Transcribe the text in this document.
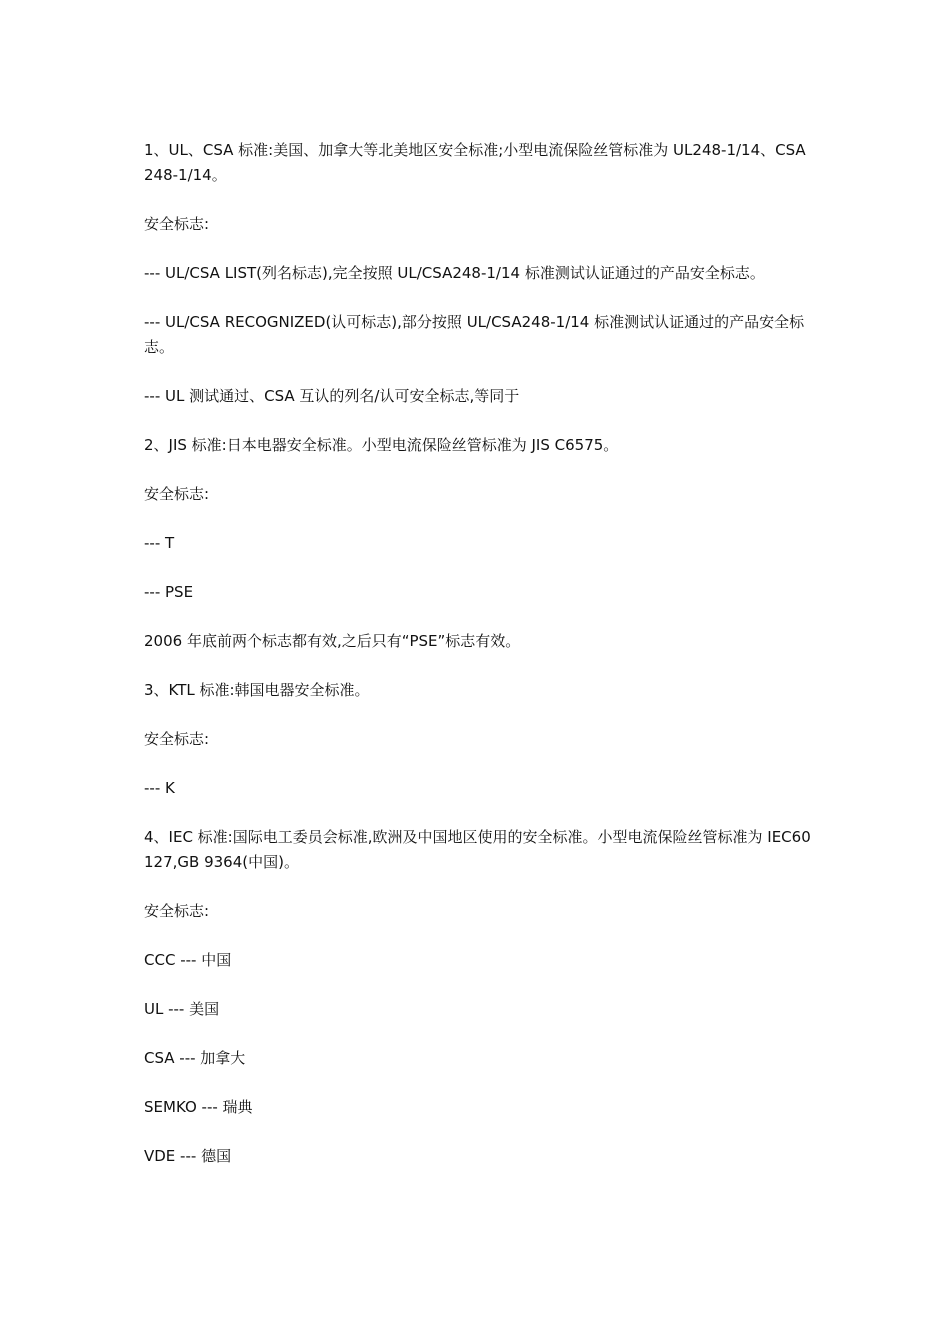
1、UL、CSA 标准:美国、加拿大等北美地区安全标准;小型电流保险丝管标准为 UL248-1/14、CSA248-1/14。

安全标志:

--- UL/CSA LIST(列名标志),完全按照 UL/CSA248-1/14 标准测试认证通过的产品安全标志。

--- UL/CSA RECOGNIZED(认可标志),部分按照 UL/CSA248-1/14 标准测试认证通过的产品安全标志。

--- UL 测试通过、CSA 互认的列名/认可安全标志,等同于

2、JIS 标准:日本电器安全标准。小型电流保险丝管标准为 JIS C6575。

安全标志:

--- T

--- PSE

2006 年底前两个标志都有效,之后只有“PSE”标志有效。

3、KTL 标准:韩国电器安全标准。

安全标志:

--- K

4、IEC 标准:国际电工委员会标准,欧洲及中国地区使用的安全标准。小型电流保险丝管标准为 IEC60 127,GB 9364(中国)。

安全标志:

CCC --- 中国

UL --- 美国

CSA --- 加拿大

SEMKO --- 瑞典

VDE --- 德国
